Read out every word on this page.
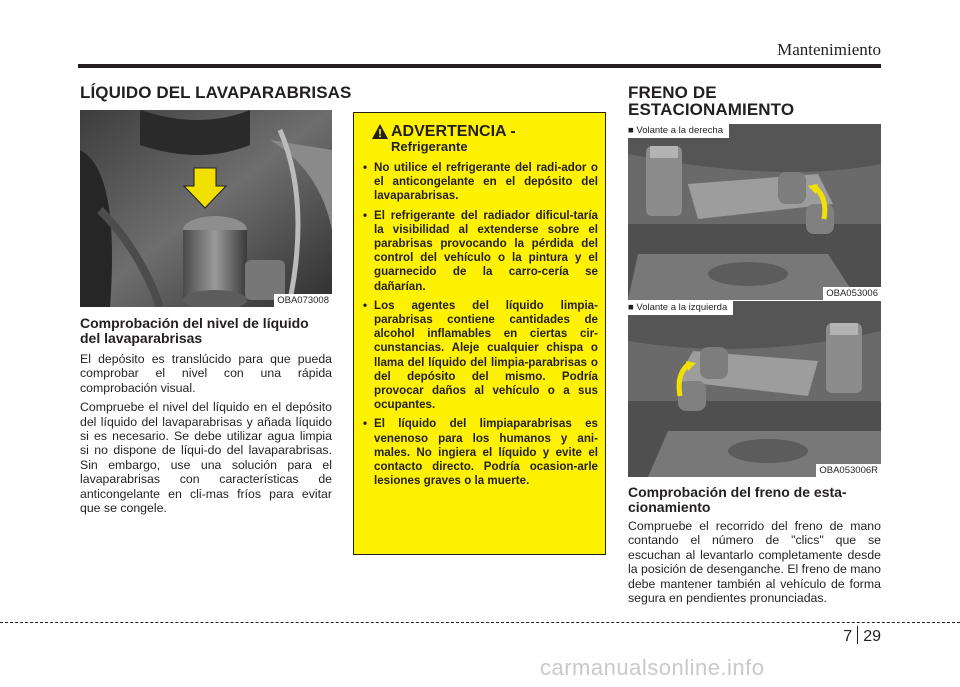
Mantenimiento
LÍQUIDO DEL LAVAPARABRISAS
OBA073008
Comprobación del nivel de líquido del lavaparabrisas

El depósito es translúcido para que pueda comprobar el nivel con una rápida comprobación visual.

Compruebe el nivel del líquido en el depósito del líquido del lavaparabrisas y añada líquido si es necesario. Se debe utilizar agua limpia si no dispone de líqui-do del lavaparabrisas. Sin embargo, use una solución para el lavaparabrisas con características de anticongelante en cli-mas fríos para evitar que se congele.

ADVERTENCIA -
Refrigerante
• No utilice el refrigerante del radi-ador o el anticongelante en el depósito del lavaparabrisas.
• El refrigerante del radiador dificul-taría la visibilidad al extenderse sobre el parabrisas provocando la pérdida del control del vehículo o la pintura y el guarnecido de la carro-cería se dañarían.
• Los agentes del líquido limpia-parabrisas contiene cantidades de alcohol inflamables en ciertas cir-cunstancias. Aleje cualquier chispa o llama del líquido del limpia-parabrisas o del depósito del mismo. Podría provocar daños al vehículo o a sus ocupantes.
• El líquido del limpiaparabrisas es venenoso para los humanos y ani-males. No ingiera el líquido y evite el contacto directo. Podría ocasion-arle lesiones graves o la muerte.
FRENO DE
ESTACIONAMIENTO
■ Volante a la derecha
OBA053006
■ Volante a la izquierda
OBA053006R
Comprobación del freno de esta-cionamiento

Compruebe el recorrido del freno de mano contando el número de "clics" que se escuchan al levantarlo completamente desde la posición de desenganche. El freno de mano debe mantener también al vehículo de forma segura en pendientes pronunciadas.

7 29
carmanualsonline.info
